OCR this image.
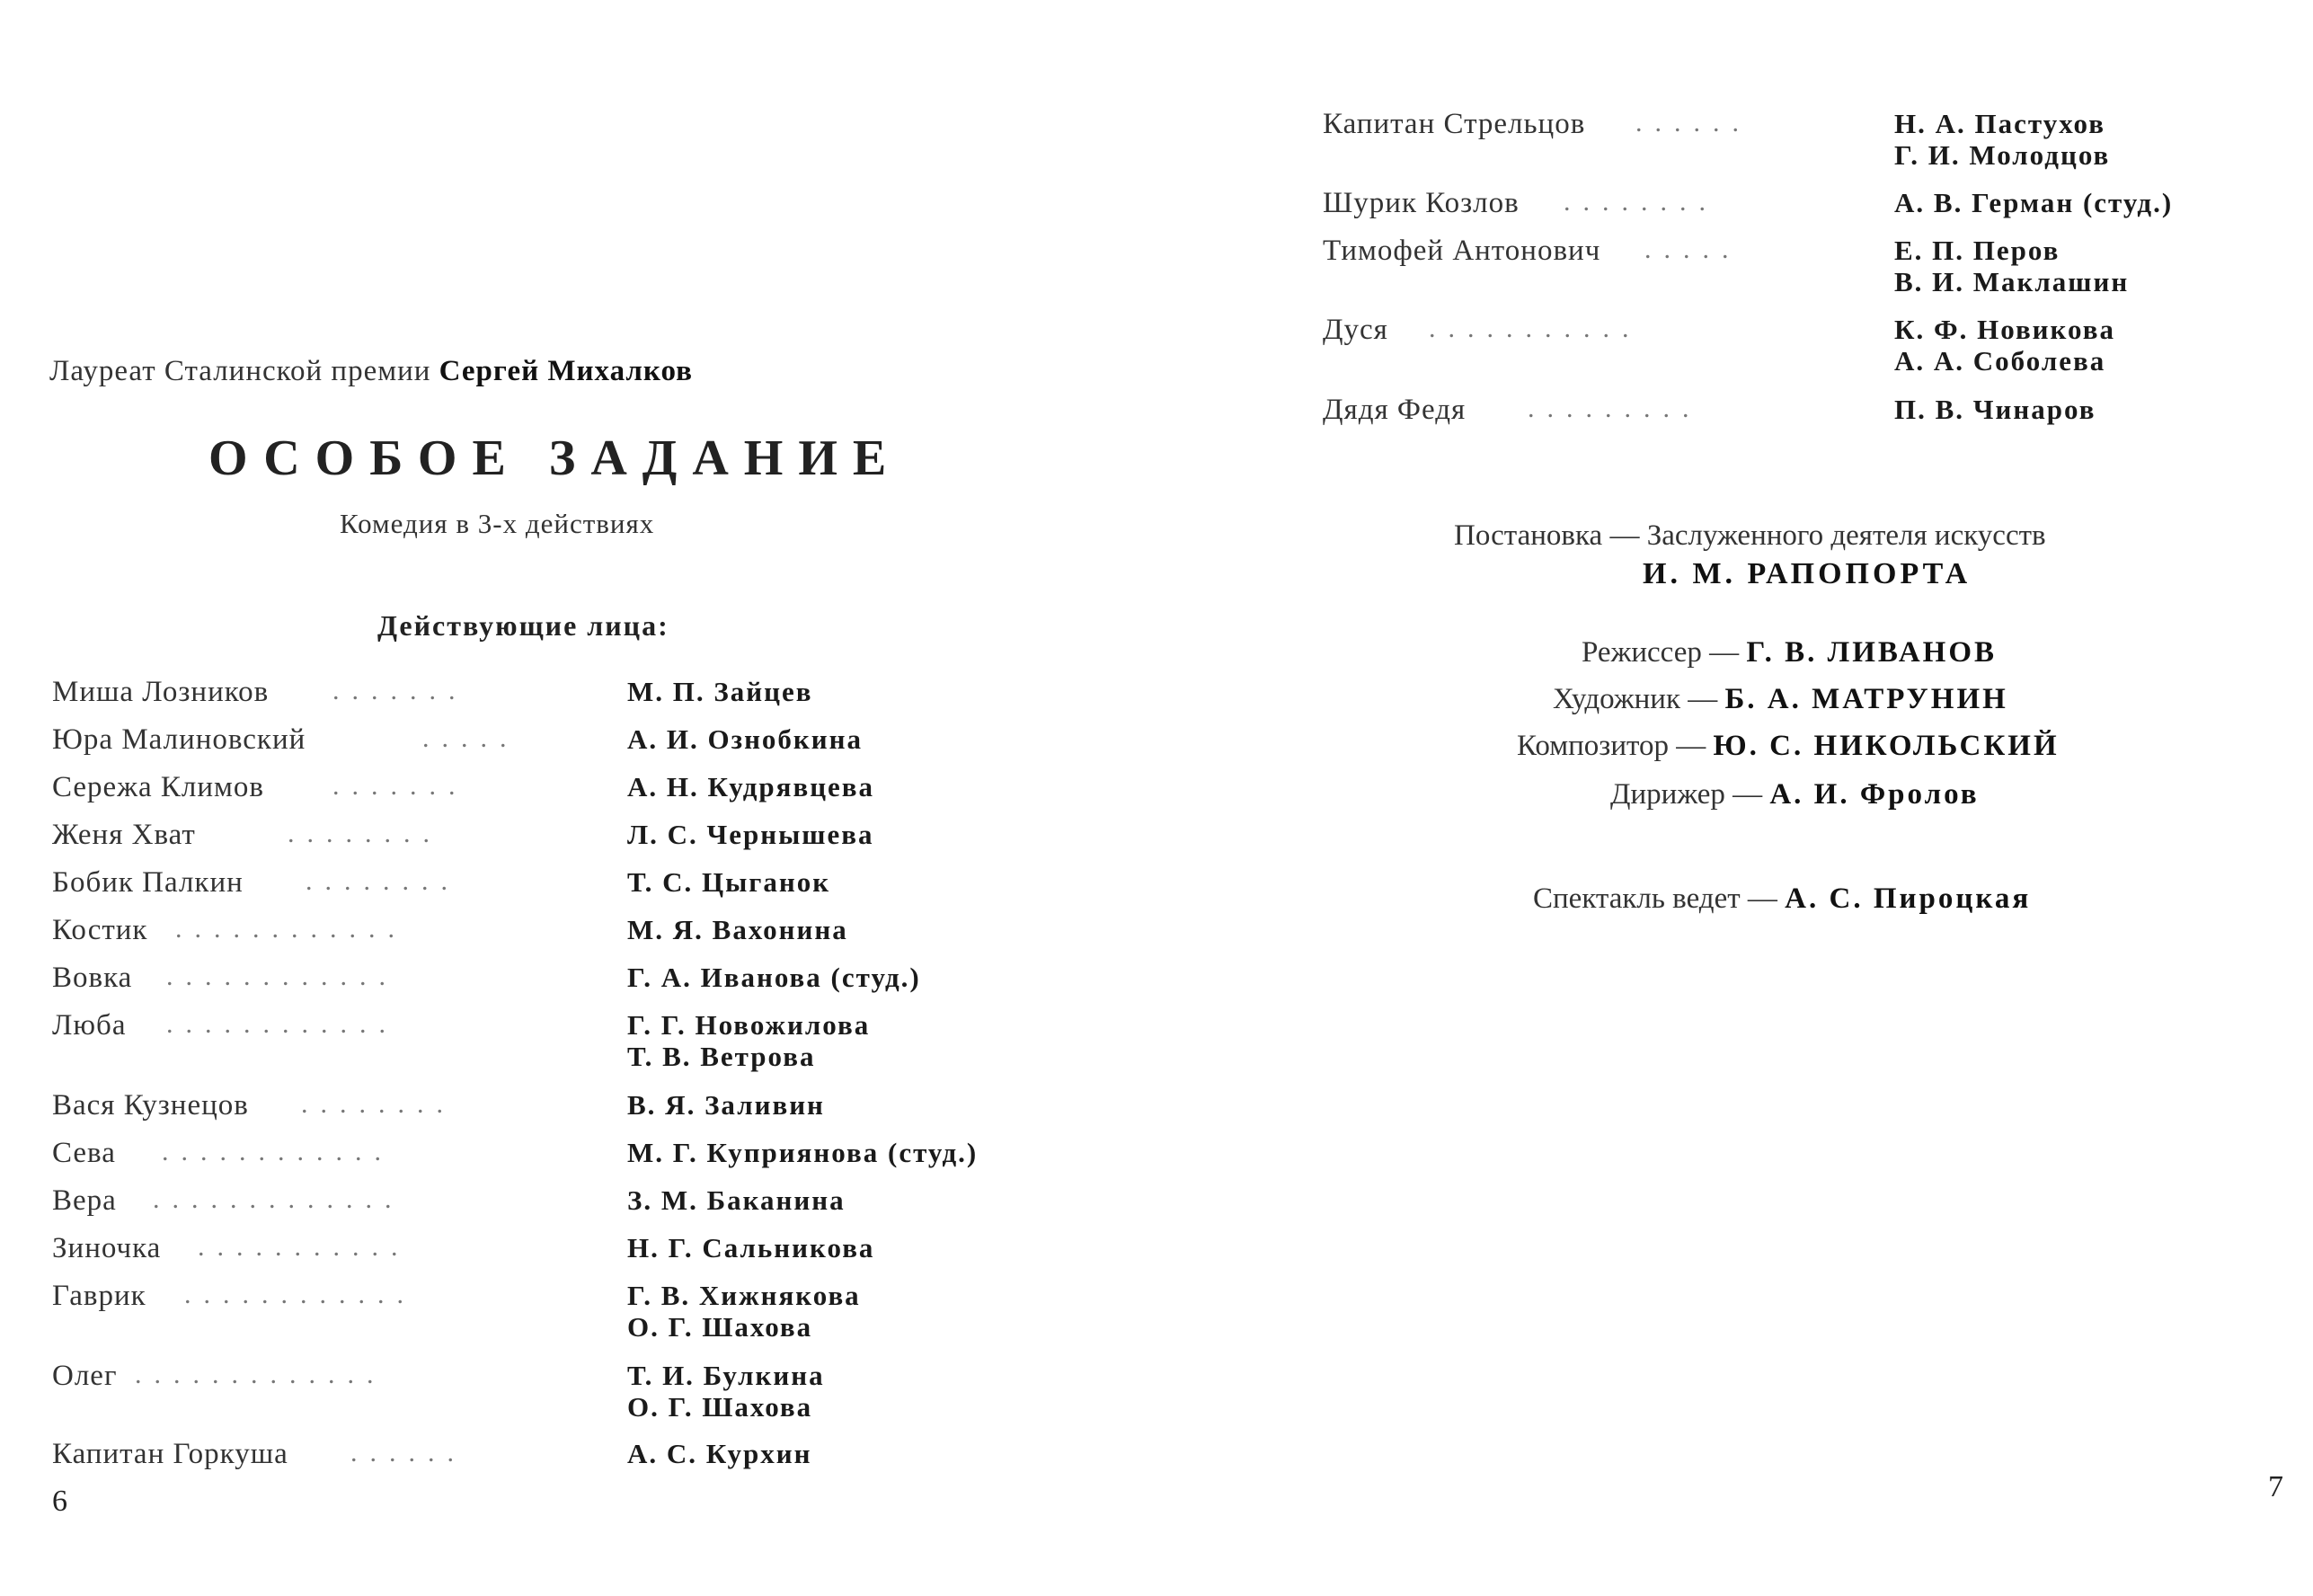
Лауреат Сталинской премии Сергей Михалков
ОСОБОЕ ЗАДАНИЕ
Комедия в 3-х действиях
Действующие лица:
Миша Лозников .......	М. П. Зайцев
Юра Малиновский	.....	А. И. Ознобкина
Сережа Климов	.......	А. Н. Кудрявцева
Женя Хват	........	Л. С. Чернышева
Бобик Палкин ........	Т. С. Цыганок
Костик ............	М. Я. Вахонина
Вовка ............	Г. А. Иванова (студ.)
Люба ............	Г. Г. Новожилова
Т. В. Ветрова
Вася Кузнецов ........	В. Я. Заливин
Сева ............	М. Г. Куприянова (студ.)
Вера .............	З. М. Баканина
Зиночка ...........	Н. Г. Сальникова
Гаврик ............	Г. В. Хижнякова
О. Г. Шахова
Олег .............	Т. И. Булкина
О. Г. Шахова
Капитан Горкуша ......	А. С. Курхин
6
Капитан Стрельцов ......	Н. А. Пастухов
Г. И. Молодцов
Шурик Козлов ........	А. В. Герман (студ.)
Тимофей Антонович .....	Е. П. Перов
В. И. Маклашин
Дуся ...........	К. Ф. Новикова
А. А. Соболева
Дядя Федя .........	П. В. Чинаров
Постановка — Заслуженного деятеля искусств
И. М. РАПОПОРТА
Режиссер — Г. В. ЛИВАНОВ
Художник — Б. А. МАТРУНИН
Композитор — Ю. С. НИКОЛЬСКИЙ
Дирижер — А. И. Фролов
Спектакль ведет — А. С. Пироцкая
7
